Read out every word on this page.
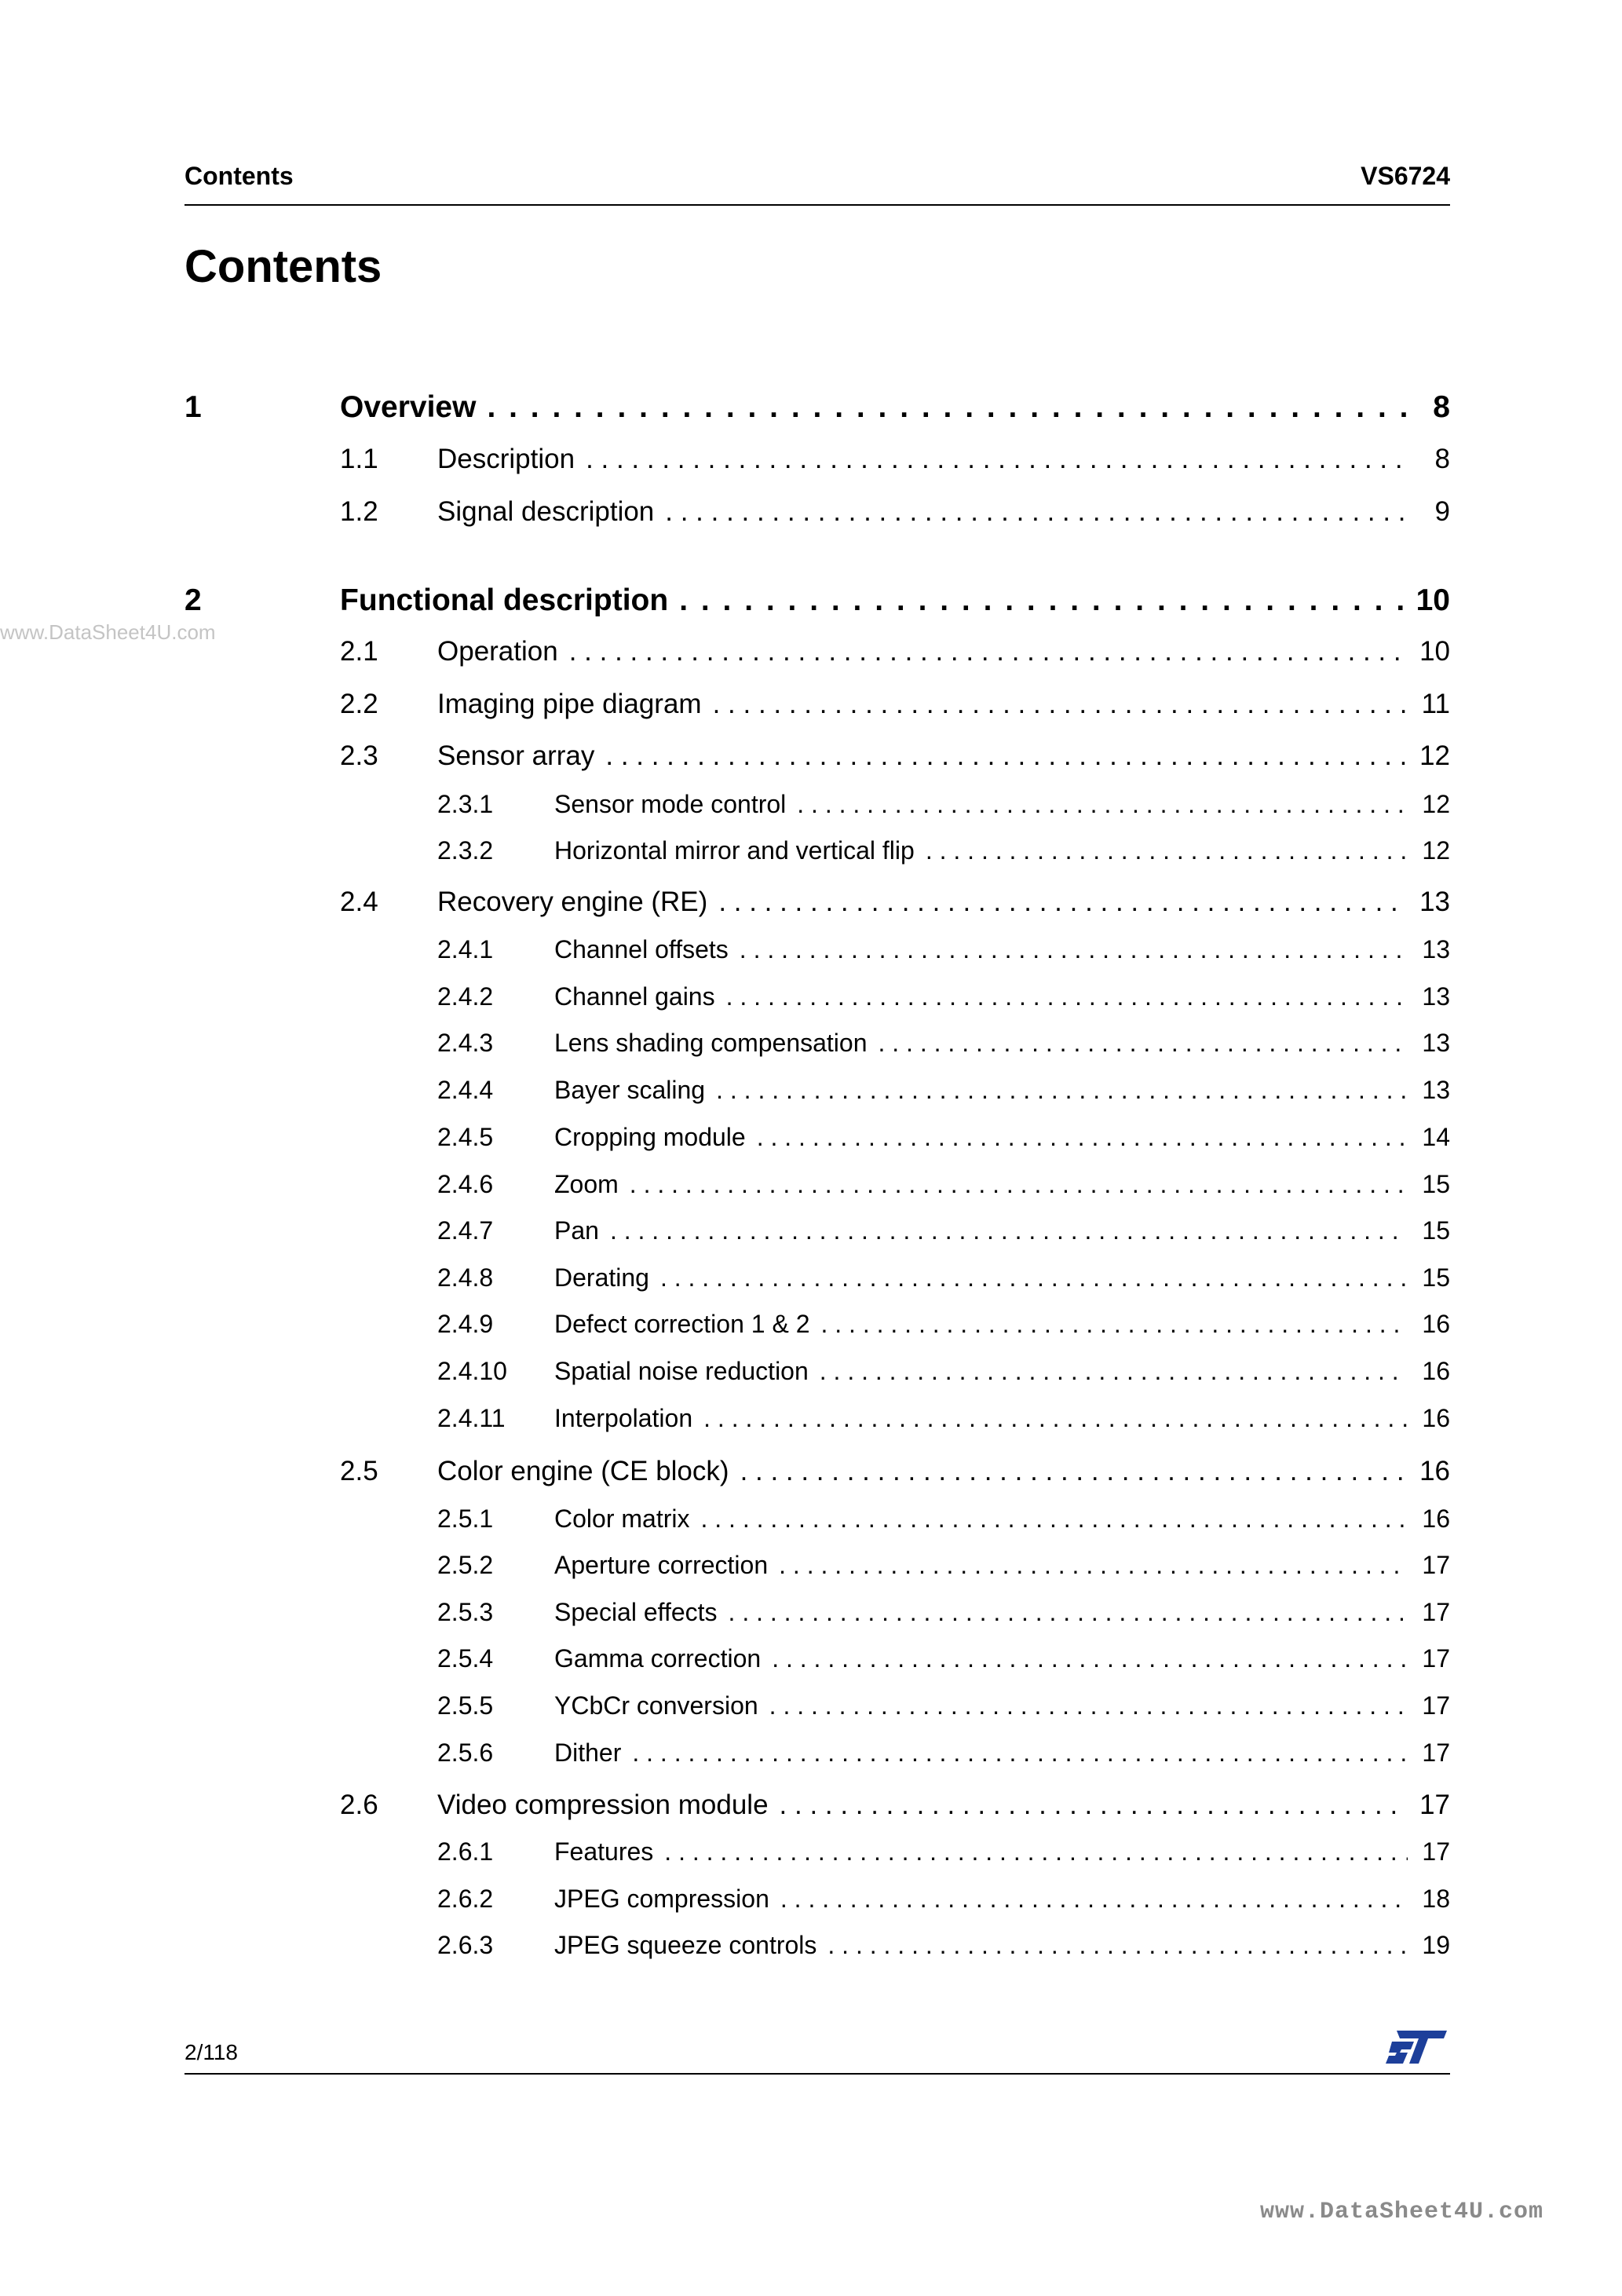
Contents	VS6724
Contents
www.DataSheet4U.com
1	Overview . . .	8
1.1 Description . . .	8
1.2 Signal description . . .	9
2	Functional description . . .	10
2.1 Operation . . .	10
2.2 Imaging pipe diagram . . .	11
2.3 Sensor array . . .	12
2.3.1 Sensor mode control . . .	12
2.3.2 Horizontal mirror and vertical flip . . .	12
2.4 Recovery engine (RE) . . .	13
2.4.1 Channel offsets . . .	13
2.4.2 Channel gains . . .	13
2.4.3 Lens shading compensation . . .	13
2.4.4 Bayer scaling . . .	13
2.4.5 Cropping module . . .	14
2.4.6 Zoom . . .	15
2.4.7 Pan . . .	15
2.4.8 Derating . . .	15
2.4.9 Defect correction 1 & 2 . . .	16
2.4.10 Spatial noise reduction . . .	16
2.4.11 Interpolation . . .	16
2.5 Color engine (CE block) . . .	16
2.5.1 Color matrix . . .	16
2.5.2 Aperture correction . . .	17
2.5.3 Special effects . . .	17
2.5.4 Gamma correction . . .	17
2.5.5 YCbCr conversion . . .	17
2.5.6 Dither . . .	17
2.6 Video compression module . . .	17
2.6.1 Features . . .	17
2.6.2 JPEG compression . . .	18
2.6.3 JPEG squeeze controls . . .	19
2/118
www.DataSheet4U.com
